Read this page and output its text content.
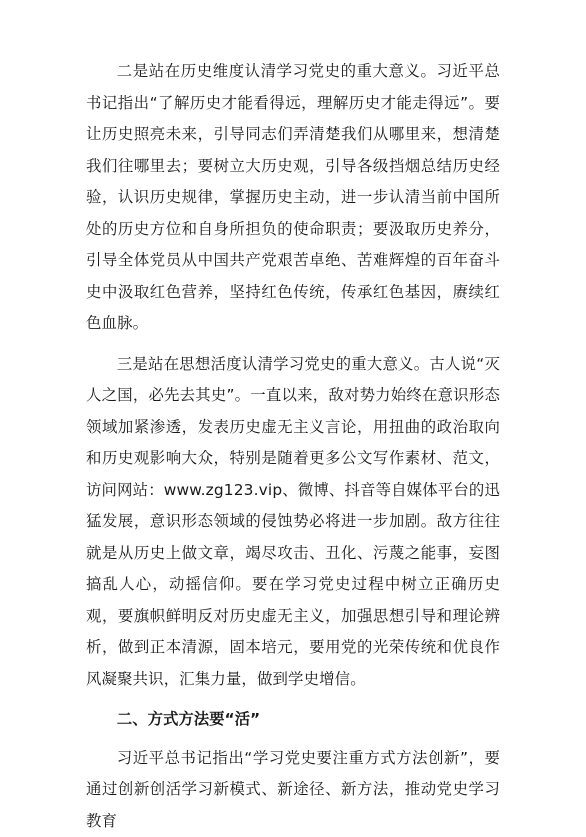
二是站在历史维度认清学习党史的重大意义。习近平总书记指出“了解历史才能看得远，理解历史才能走得远”。要让历史照亮未来，引导同志们弄清楚我们从哪里来，想清楚我们往哪里去；要树立大历史观，引导各级挡烟总结历史经验，认识历史规律，掌握历史主动，进一步认清当前中国所处的历史方位和自身所担负的使命职责；要汲取历史养分，引导全体党员从中国共产党艰苦卓绝、苦难辉煌的百年奋斗史中汲取红色营养，坚持红色传统，传承红色基因，赓续红色血脉。

三是站在思想活度认清学习党史的重大意义。古人说“灭人之国，必先去其史”。一直以来，敌对势力始终在意识形态领域加紧渗透，发表历史虚无主义言论，用扭曲的政治取向和历史观影响大众，特别是随着更多公文写作素材、范文，访问网站：www.zg123.vip、微博、抖音等自媒体平台的迅猛发展，意识形态领域的侵蚀势必将进一步加剧。敌方往往就是从历史上做文章，竭尽攻击、丑化、污蔑之能事，妄图搞乱人心，动摇信仰。要在学习党史过程中树立正确历史观，要旗帜鲜明反对历史虚无主义，加强思想引导和理论辨析，做到正本清源，固本培元，要用党的光荣传统和优良作风凝聚共识，汇集力量，做到学史增信。

二、方式方法要“活”

习近平总书记指出“学习党史要注重方式方法创新”，要通过创新创活学习新模式、新途径、新方法，推动党史学习教育
